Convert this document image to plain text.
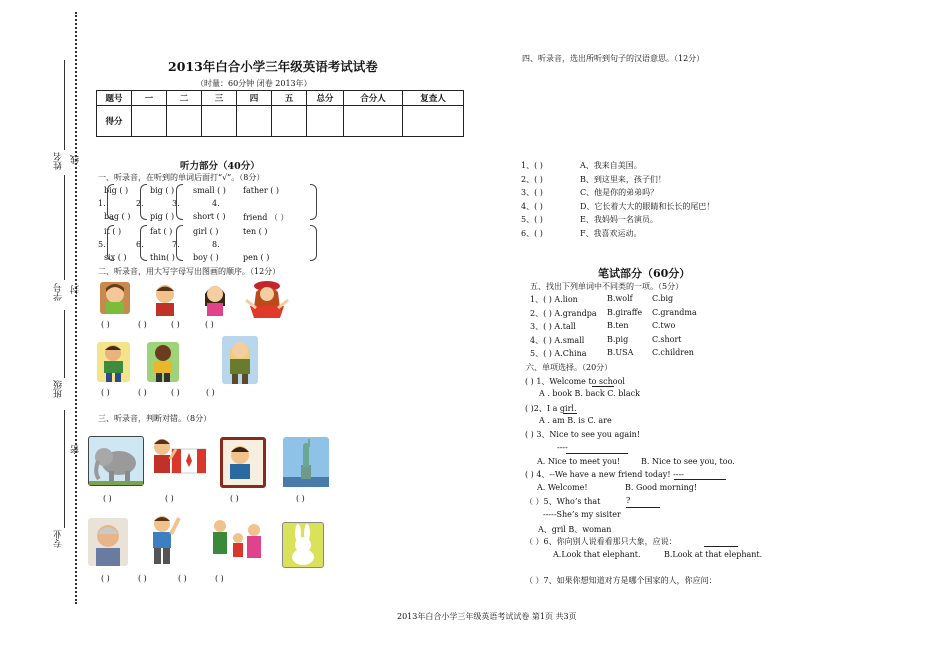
姓名
学号
班级
专业
线
封
密
2013年白合小学三年级英语考试试卷
（时量：60分钟 闭卷 2013年）
题号	一	二	三	四	五	总分	合分人	复查人
得分								
听力部分（40分）
一、听录音，在听到的单词后面打“√”。（8分）
big ( )	big ( ) small ( ) father ( )
1.	2.	3.	4.
bag ( ) pig ( ) short ( ) friend （ ）
it ( )	fat ( )	girl ( )	ten ( )
5.	6.	7.	8.
six ( )	thin( ) boy ( )	pen ( )
二、听录音，用大写字母写出图画的顺序。（12分）
( )	( )	( )	( )
( )	( )	( )	( )
三、听录音，判断对错。（8分）
( )	( )	( )	( )
( )	( )	( )	( )
四、听录音，选出所听到句子的汉语意思。（12分）
1、( )	A、我来自美国。
2、( )	B、到这里来，孩子们！
3、( )	C、他是你的弟弟吗？
4、( )	D、它长着大大的眼睛和长长的尾巴！
5、( )	E、我妈妈一名演员。
6、( )	F、我喜欢运动。
笔试部分（60分）
五、找出下列单词中不同类的一项。（5分）
1、( ) A.lion	B.wolf C.big
2、( ) A.grandpa B.giraffe C.grandma
3、( ) A.tall	B.ten	C.two
4、( ) A.small	B.pig	C.short
5、( ) A.China	B.USA C.children
六、单项选择。（20分）
( ) 1、Welcome to school
A . book B. back C. black
( )2、I a girl.
A . am B. is C. are
( ) 3、Nice to see you again!
----
A. Nice to meet you!	B. Nice to see you, too.
( ) 4、--We have a new friend today! ----
A. Welcome!	B. Good morning!
（ ）5、Who’s that	?
-----She’s my sisiter
A、gril B、woman
（ ）6、你向别人说看看那只大象，应说：
A.Look that elephant.	B.Look at that elephant.
（ ）7、如果你想知道对方是哪个国家的人，你应问：
2013年白合小学三年级英语考试试卷 第1页 共3页
